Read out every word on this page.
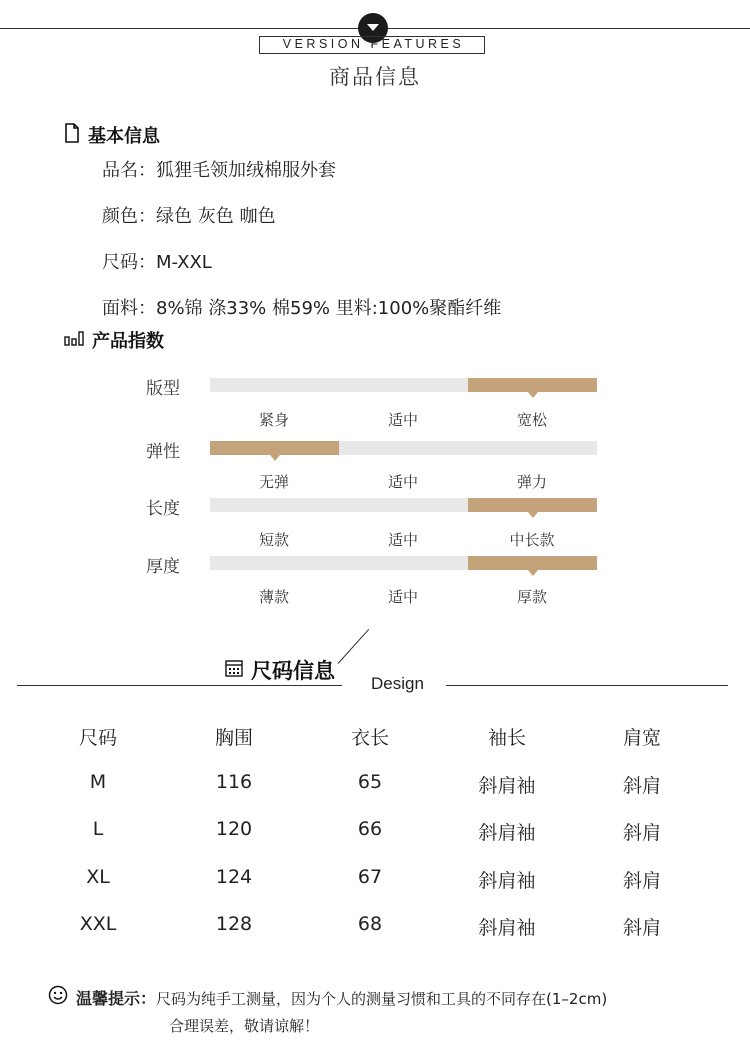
VERSION FEATURES
商品信息
基本信息
品名：狐狸毛领加绒棉服外套
颜色：绿色 灰色 咖色
尺码：M-XXL
面料：8%锦 涤33% 棉59% 里料:100%聚酯纤维
产品指数
版型
紧身	适中	宽松
弹性
无弹	适中	弹力
长度
短款	适中	中长款
厚度
薄款	适中	厚款
尺码信息
Design
尺码	胸围	衣长	袖长	肩宽
M	116	65	斜肩袖	斜肩
L	120	66	斜肩袖	斜肩
XL	124	67	斜肩袖	斜肩
XXL	128	68	斜肩袖	斜肩
温馨提示： 尺码为纯手工测量，因为个人的测量习惯和工具的不同存在(1–2cm)
合理误差，敬请谅解！
